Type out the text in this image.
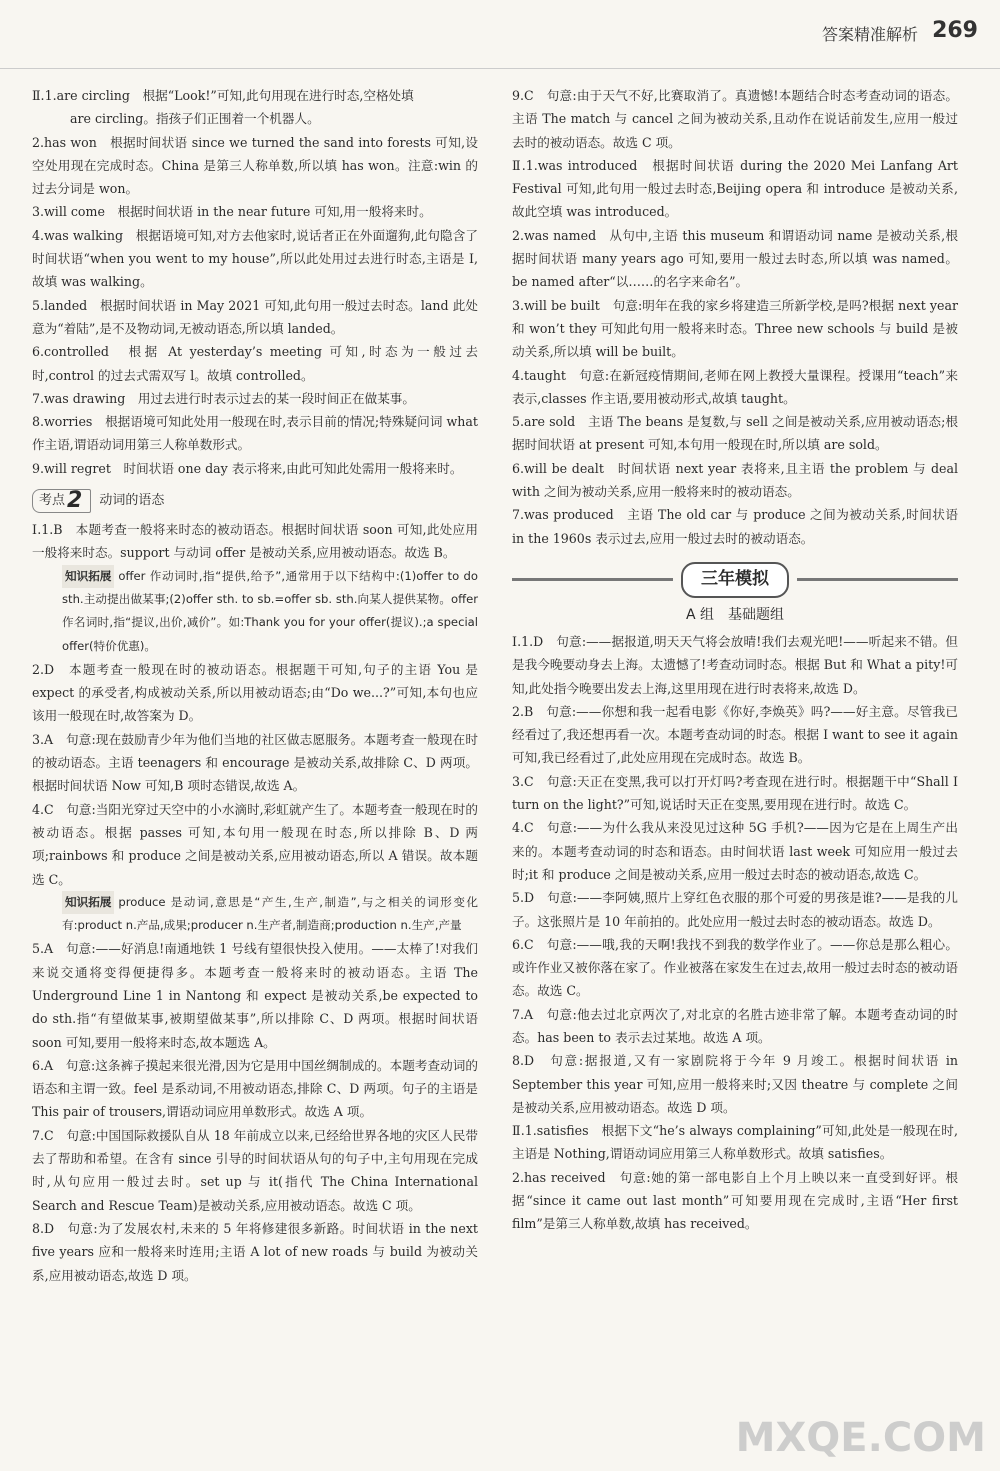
答案精准解析 269

Ⅱ.1.are circling　根据“Look!”可知,此句用现在进行时态,空格处填

are circling。指孩子们正围着一个机器人。

2.has won　根据时间状语 since we turned the sand into forests 可知,设空处用现在完成时态。China 是第三人称单数,所以填 has won。注意:win 的过去分词是 won。

3.will come　根据时间状语 in the near future 可知,用一般将来时。

4.was walking　根据语境可知,对方去他家时,说话者正在外面遛狗,此句隐含了时间状语“when you went to my house”,所以此处用过去进行时态,主语是 I,故填 was walking。

5.landed　根据时间状语 in May 2021 可知,此句用一般过去时态。land 此处意为“着陆”,是不及物动词,无被动语态,所以填 landed。

6.controlled　根据 At yesterday’s meeting 可知,时态为一般过去时,control 的过去式需双写 l。故填 controlled。

7.was drawing　用过去进行时表示过去的某一段时间正在做某事。

8.worries　根据语境可知此处用一般现在时,表示目前的情况;特殊疑问词 what 作主语,谓语动词用第三人称单数形式。

9.will regret　时间状语 one day 表示将来,由此可知此处需用一般将来时。

考点 2 动词的语态

Ⅰ.1.B　本题考查一般将来时态的被动语态。根据时间状语 soon 可知,此处应用一般将来时态。support 与动词 offer 是被动关系,应用被动语态。故选 B。

知识拓展 offer 作动词时,指“提供,给予”,通常用于以下结构中:(1)offer to do sth.主动提出做某事;(2)offer sth. to sb.=offer sb. sth.向某人提供某物。offer 作名词时,指“提议,出价,减价”。如:Thank you for your offer(提议).;a special offer(特价优惠)。

2.D　本题考查一般现在时的被动语态。根据题干可知,句子的主语 You 是 expect 的承受者,构成被动关系,所以用被动语态;由“Do we...?”可知,本句也应该用一般现在时,故答案为 D。

3.A　句意:现在鼓励青少年为他们当地的社区做志愿服务。本题考查一般现在时的被动语态。主语 teenagers 和 encourage 是被动关系,故排除 C、D 两项。根据时间状语 Now 可知,B 项时态错误,故选 A。

4.C　句意:当阳光穿过天空中的小水滴时,彩虹就产生了。本题考查一般现在时的被动语态。根据 passes 可知,本句用一般现在时态,所以排除 B、D 两项;rainbows 和 produce 之间是被动关系,应用被动语态,所以 A 错误。故本题选 C。

知识拓展 produce 是动词,意思是“产生,生产,制造”,与之相关的词形变化有:product n.产品,成果;producer n.生产者,制造商;production n.生产,产量

5.A　句意:——好消息!南通地铁 1 号线有望很快投入使用。——太棒了!对我们来说交通将变得便捷得多。本题考查一般将来时的被动语态。主语 The Underground Line 1 in Nantong 和 expect 是被动关系,be expected to do sth.指“有望做某事,被期望做某事”,所以排除 C、D 两项。根据时间状语 soon 可知,要用一般将来时态,故本题选 A。

6.A　句意:这条裤子摸起来很光滑,因为它是用中国丝绸制成的。本题考查动词的语态和主谓一致。feel 是系动词,不用被动语态,排除 C、D 两项。句子的主语是 This pair of trousers,谓语动词应用单数形式。故选 A 项。

7.C　句意:中国国际救援队自从 18 年前成立以来,已经给世界各地的灾区人民带去了帮助和希望。在含有 since 引导的时间状语从句的句子中,主句用现在完成时,从句应用一般过去时。set up 与 it(指代 The China International Search and Rescue Team)是被动关系,应用被动语态。故选 C 项。

8.D　句意:为了发展农村,未来的 5 年将修建很多新路。时间状语 in the next five years 应和一般将来时连用;主语 A lot of new roads 与 build 为被动关系,应用被动语态,故选 D 项。

9.C　句意:由于天气不好,比赛取消了。真遗憾!本题结合时态考查动词的语态。主语 The match 与 cancel 之间为被动关系,且动作在说话前发生,应用一般过去时的被动语态。故选 C 项。

Ⅱ.1.was introduced　根据时间状语 during the 2020 Mei Lanfang Art Festival 可知,此句用一般过去时态,Beijing opera 和 introduce 是被动关系,故此空填 was introduced。

2.was named　从句中,主语 this museum 和谓语动词 name 是被动关系,根据时间状语 many years ago 可知,要用一般过去时态,所以填 was named。be named after“以……的名字来命名”。

3.will be built　句意:明年在我的家乡将建造三所新学校,是吗?根据 next year 和 won’t they 可知此句用一般将来时态。Three new schools 与 build 是被动关系,所以填 will be built。

4.taught　句意:在新冠疫情期间,老师在网上教授大量课程。授课用“teach”来表示,classes 作主语,要用被动形式,故填 taught。

5.are sold　主语 The beans 是复数,与 sell 之间是被动关系,应用被动语态;根据时间状语 at present 可知,本句用一般现在时,所以填 are sold。

6.will be dealt　时间状语 next year 表将来,且主语 the problem 与 deal with 之间为被动关系,应用一般将来时的被动语态。

7.was produced　主语 The old car 与 produce 之间为被动关系,时间状语 in the 1960s 表示过去,应用一般过去时的被动语态。

三年模拟
A 组　基础题组

Ⅰ.1.D　句意:——据报道,明天天气将会放晴!我们去观光吧!——听起来不错。但是我今晚要动身去上海。太遗憾了!考查动词时态。根据 But 和 What a pity!可知,此处指今晚要出发去上海,这里用现在进行时表将来,故选 D。

2.B　句意:——你想和我一起看电影《你好,李焕英》吗?——好主意。尽管我已经看过了,我还想再看一次。本题考查动词的时态。根据 I want to see it again 可知,我已经看过了,此处应用现在完成时态。故选 B。

3.C　句意:天正在变黑,我可以打开灯吗?考查现在进行时。根据题干中“Shall I turn on the light?”可知,说话时天正在变黑,要用现在进行时。故选 C。

4.C　句意:——为什么我从来没见过这种 5G 手机?——因为它是在上周生产出来的。本题考查动词的时态和语态。由时间状语 last week 可知应用一般过去时;it 和 produce 之间是被动关系,应用一般过去时态的被动语态,故选 C。

5.D　句意:——李阿姨,照片上穿红色衣服的那个可爱的男孩是谁?——是我的儿子。这张照片是 10 年前拍的。此处应用一般过去时态的被动语态。故选 D。

6.C　句意:——哦,我的天啊!我找不到我的数学作业了。——你总是那么粗心。或许作业又被你落在家了。作业被落在家发生在过去,故用一般过去时态的被动语态。故选 C。

7.A　句意:他去过北京两次了,对北京的名胜古迹非常了解。本题考查动词的时态。has been to 表示去过某地。故选 A 项。

8.D　句意:据报道,又有一家剧院将于今年 9 月竣工。根据时间状语 in September this year 可知,应用一般将来时;又因 theatre 与 complete 之间是被动关系,应用被动语态。故选 D 项。

Ⅱ.1.satisfies　根据下文“he’s always complaining”可知,此处是一般现在时,主语是 Nothing,谓语动词应用第三人称单数形式。故填 satisfies。

2.has received　句意:她的第一部电影自上个月上映以来一直受到好评。根据“since it came out last month”可知要用现在完成时,主语“Her first film”是第三人称单数,故填 has received。

MXQE.COM
